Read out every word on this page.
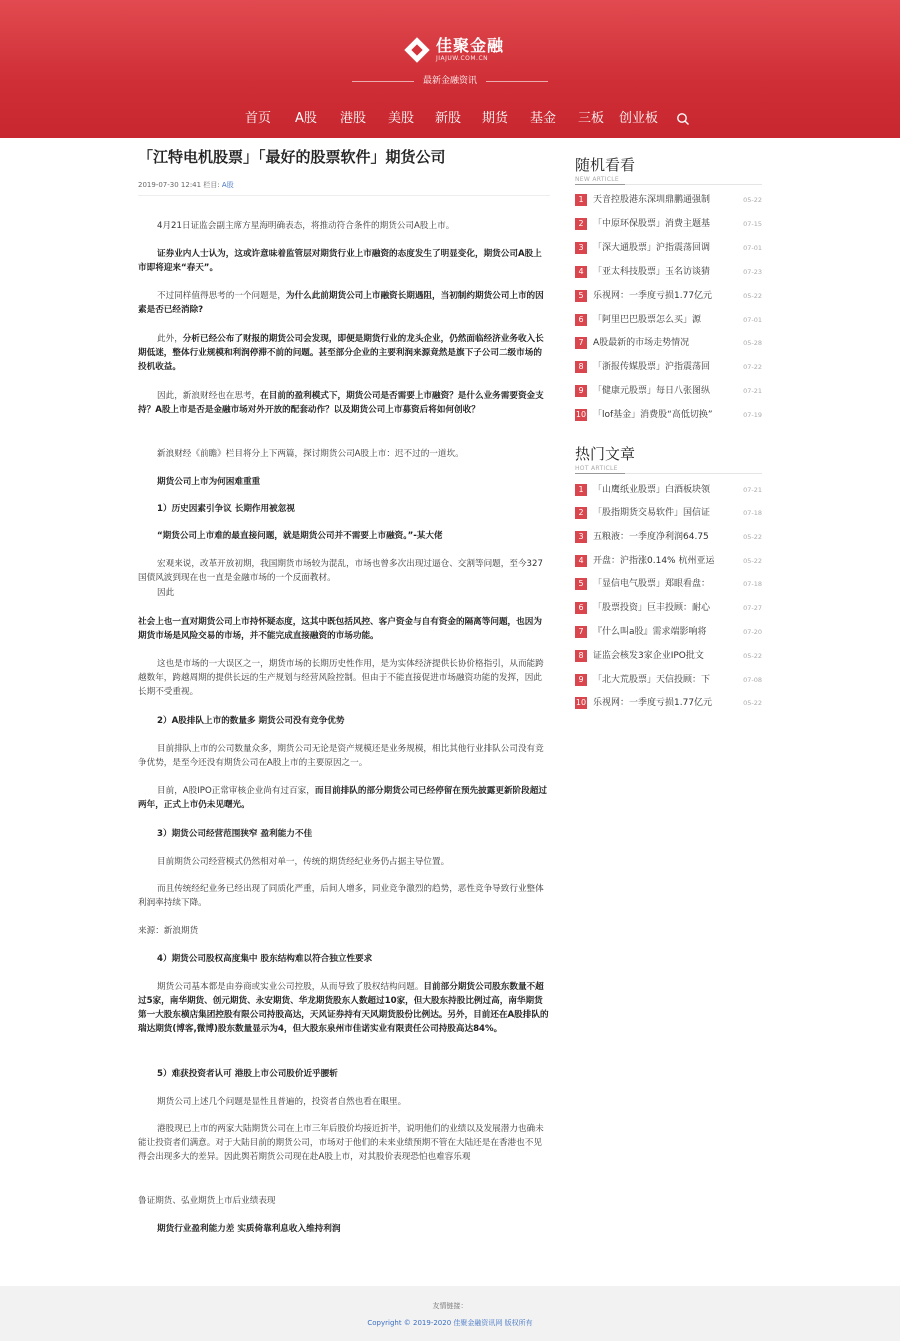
佳聚金融
JIAJUW.COM.CN
最新金融资讯
首页 A股 港股 美股 新股 期货 基金 三板 创业板
「江特电机股票」「最好的股票软件」期货公司
2019-07-30 12:41 栏目: A股
4月21日证监会副主席方星海明确表态，将推动符合条件的期货公司A股上市。
证券业内人士认为，这或许意味着监管层对期货行业上市融资的态度发生了明显变化，期货公司A股上市即将迎来“春天”。
不过同样值得思考的一个问题是，为什么此前期货公司上市融资长期遇阻，当初制约期货公司上市的因素是否已经消除?
此外，分析已经公布了财报的期货公司会发现，即便是期货行业的龙头企业，仍然面临经济业务收入长期低迷，整体行业规模和利润停滞不前的问题。甚至部分企业的主要利润来源竟然是旗下子公司二级市场的投机收益。
因此，新浪财经也在思考，在目前的盈利模式下，期货公司是否需要上市融资？是什么业务需要资金支持？A股上市是否是金融市场对外开放的配套动作？以及期货公司上市募资后将如何创收？
新浪财经《前瞻》栏目将分上下两篇，探讨期货公司A股上市：迟不过的一道坎。
期货公司上市为何困难重重
1）历史因素引争议 长期作用被忽视
“期货公司上市难的最直接问题，就是期货公司并不需要上市融资。”-某大佬
宏观来说，改革开放初期，我国期货市场较为混乱，市场也曾多次出现过逼仓、交割等问题，至今327国债风波到现在也一直是金融市场的一个反面教材。
因此
社会上也一直对期货公司上市持怀疑态度，这其中既包括风控、客户资金与自有资金的隔离等问题，也因为期货市场是风险交易的市场，并不能完成直接融资的市场功能。
这也是市场的一大误区之一，期货市场的长期历史性作用，是为实体经济提供长协价格指引，从而能跨越数年，跨越周期的提供长远的生产规划与经营风险控制。但由于不能直接促进市场融资功能的发挥，因此长期不受重视。
2）A股排队上市的数量多 期货公司没有竞争优势
目前排队上市的公司数量众多，期货公司无论是资产规模还是业务规模，相比其他行业排队公司没有竞争优势，是至今还没有期货公司在A股上市的主要原因之一。
目前，A股IPO正常审核企业尚有过百家，而目前排队的部分期货公司已经停留在预先披露更新阶段超过两年，正式上市仍未见曙光。
3）期货公司经营范围狭窄 盈利能力不佳
目前期货公司经营模式仍然相对单一，传统的期货经纪业务仍占据主导位置。
而且传统经纪业务已经出现了同质化严重，后间人增多，同业竞争激烈的趋势，恶性竞争导致行业整体利润率持续下降。
来源：新浪期货
4）期货公司股权高度集中 股东结构难以符合独立性要求
期货公司基本都是由券商或实业公司控股，从而导致了股权结构问题。目前部分期货公司股东数量不超过5家，南华期货、创元期货、永安期货、华龙期货股东人数超过10家，但大股东持股比例过高，南华期货第一大股东横店集团控股有限公司持股高达，天风证券持有天风期货股份比例达。另外，目前还在A股排队的瑞达期货(博客,微博)股东数量显示为4，但大股东泉州市佳诺实业有限责任公司持股高达84%。
5）难获投资者认可 港股上市公司股价近乎腰斩
期货公司上述几个问题是显性且普遍的，投资者自然也看在眼里。
港股现已上市的两家大陆期货公司在上市三年后股价均接近折半，说明他们的业绩以及发展潜力也确未能让投资者们满意。对于大陆目前的期货公司，市场对于他们的未来业绩预期不管在大陆还是在香港也不见得会出现多大的差异。因此舆若期货公司现在赴A股上市，对其股价表现恐怕也难容乐观
鲁证期货、弘业期货上市后业绩表现
期货行业盈利能力差 实质倚靠利息收入维持利润
随机看看
NEW ARTICLE
1	天音控股港东深圳鼎鹏通强制	05-22
2	「中原环保股票」消费主题基	07-15
3	「深大通股票」沪指震荡回调	07-01
4	「亚太科技股票」玉名访谈猜	07-23
5	乐视网：一季度亏损1.77亿元	05-22
6	「阿里巴巴股票怎么买」源	07-01
7	A股最新的市场走势情况	05-28
8	「浙报传媒股票」沪指震荡回	07-22
9	「健康元股票」每日八张图纵	07-21
10 「lof基金」消费股“高低切换”	07-19
热门文章
HOT ARTICLE
1	「山鹰纸业股票」白酒板块领	07-21
2	「股指期货交易软件」国信证	07-18
3	五粮液：一季度净利润64.75	05-22
4	开盘：沪指涨0.14% 杭州亚运	05-22
5	「显信电气股票」郑眼看盘：	07-18
6	「股票投资」巨丰投顾：耐心	07-27
7	『什么叫a股』需求端影响将	07-20
8	证监会核发3家企业IPO批文	05-22
9	「北大荒股票」天信投顾：下	07-08
10 乐视网：一季度亏损1.77亿元	05-22
友情链接：
Copyright © 2019-2020 佳聚金融资讯网 版权所有
